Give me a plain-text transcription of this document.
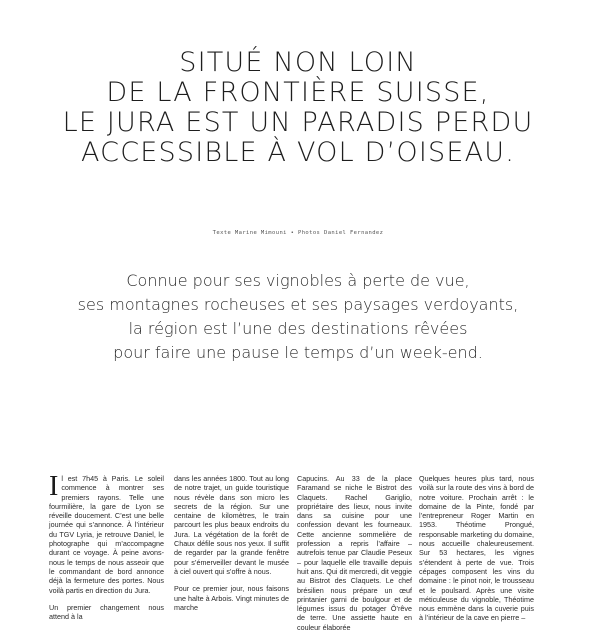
SITUÉ NON LOIN
DE LA FRONTIÈRE SUISSE,
LE JURA EST UN PARADIS PERDU
ACCESSIBLE À VOL D’OISEAU.
Texte Marine Mimouni • Photos Daniel Fernandez
Connue pour ses vignobles à perte de vue,
ses montagnes rocheuses et ses paysages verdoyants,
la région est l’une des destinations rêvées
pour faire une pause le temps d’un week-end.

Il est 7h45 à Paris. Le soleil commence à montrer ses premiers rayons. Telle une fourmilière, la gare de Lyon se réveille doucement. C’est une belle journée qui s’annonce. À l’intérieur du TGV Lyria, je retrouve Daniel, le photographe qui m’accompagne durant ce voyage. À peine avons-nous le temps de nous asseoir que le commandant de bord annonce déjà la fermeture des portes. Nous voilà partis en direction du Jura.

Un premier changement nous attend à la

dans les années 1800. Tout au long de notre trajet, un guide touristique nous révèle dans son micro les secrets de la région. Sur une centaine de kilomètres, le train parcourt les plus beaux endroits du Jura. La végétation de la forêt de Chaux défile sous nos yeux. Il suffit de regarder par la grande fenêtre pour s’émerveiller devant le musée à ciel ouvert qui s’offre à nous.

Pour ce premier jour, nous faisons une halte à Arbois. Vingt minutes de marche

Capucins. Au 33 de la place Faramand se niche le Bistrot des Claquets. Rachel Gariglio, propriétaire des lieux, nous invite dans sa cuisine pour une confession devant les fourneaux. Cette ancienne sommelière de profession a repris l’affaire – autrefois tenue par Claudie Peseux – pour laquelle elle travaille depuis huit ans. Qui dit mercredi, dit veggie au Bistrot des Claquets. Le chef brésilien nous prépare un œuf printanier garni de boulgour et de légumes issus du potager Ô’rêve de terre. Une assiette haute en couleur élaborée

Quelques heures plus tard, nous voilà sur la route des vins à bord de notre voiture. Prochain arrêt : le domaine de la Pinte, fondé par l’entrepreneur Roger Martin en 1953. Théotime Prongué, responsable marketing du domaine, nous accueille chaleureusement. Sur 53 hectares, les vignes s’étendent à perte de vue. Trois cépages composent les vins du domaine : le pinot noir, le trousseau et le poulsard. Après une visite méticuleuse du vignoble, Théotime nous emmène dans la cuverie puis à l’intérieur de la cave en pierre –
